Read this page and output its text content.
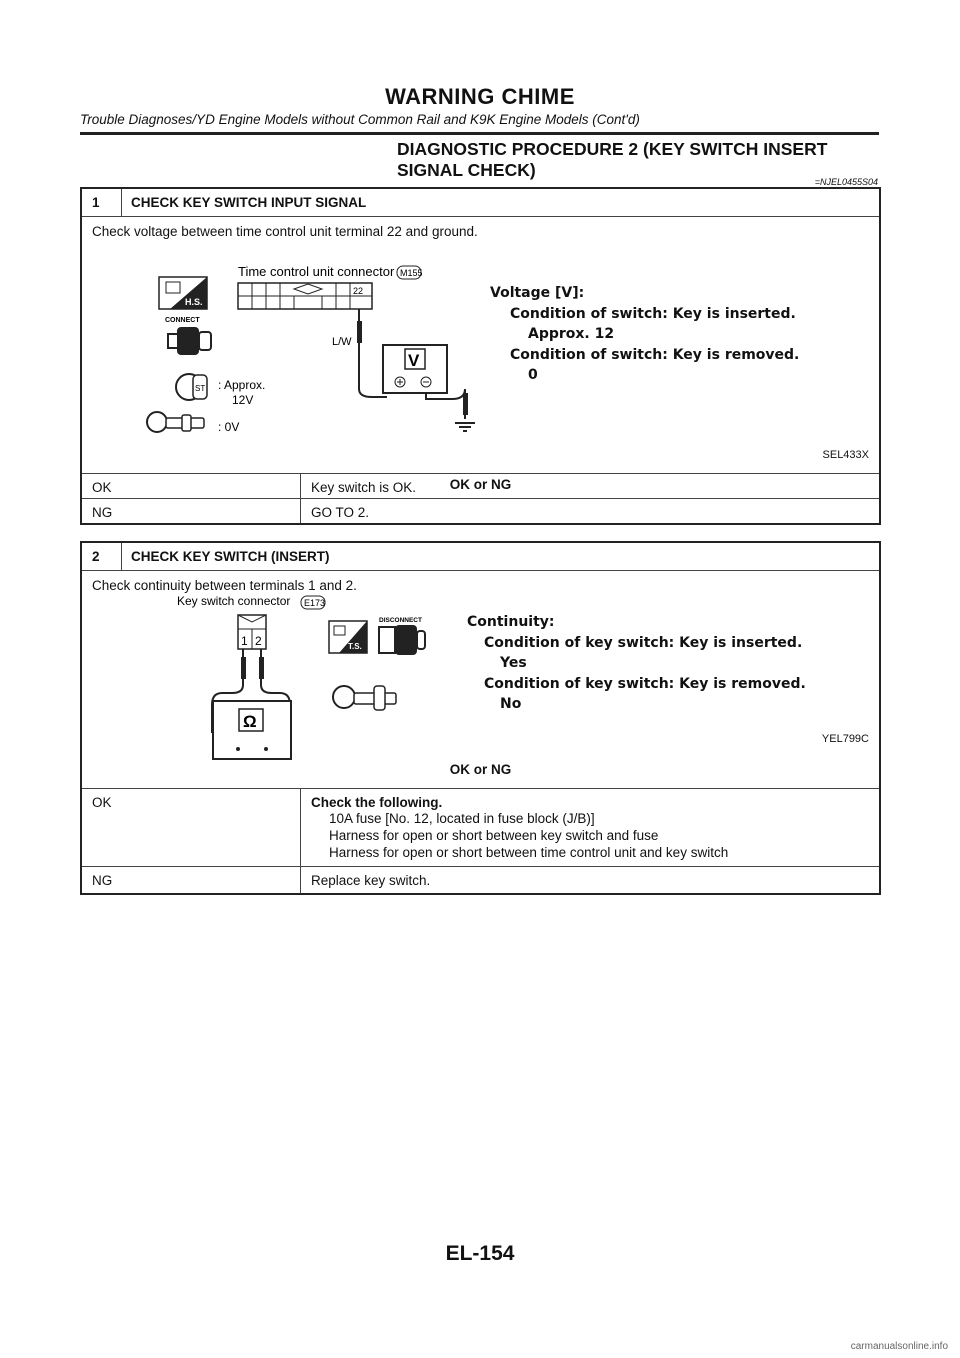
WARNING CHIME
Trouble Diagnoses/YD Engine Models without Common Rail and K9K Engine Models (Cont'd)
DIAGNOSTIC PROCEDURE 2 (KEY SWITCH INSERT
SIGNAL CHECK)
=NJEL0455S04
1	CHECK KEY SWITCH INPUT SIGNAL
Check voltage between time control unit terminal 22 and ground.
H.S.
CONNECT
ST : Approx.
12V
: 0V
Time control unit connector M155
22
L/W
V
Voltage [V]:
Condition of switch: Key is inserted.
Approx. 12
Condition of switch: Key is removed.
0
SEL433X
OK or NG
OK	Key switch is OK.
NG	GO TO 2.
2	CHECK KEY SWITCH (INSERT)
Check continuity between terminals 1 and 2.
Key switch connector E173
1 2
Ω
T.S.
DISCONNECT	Continuity:
Condition of key switch: Key is inserted.
Yes
Condition of key switch: Key is removed.
No
YEL799C
OK or NG
OK	Check the following.
10A fuse [No. 12, located in fuse block (J/B)]
Harness for open or short between key switch and fuse
Harness for open or short between time control unit and key switch
NG	Replace key switch.
EL-154
carmanualsonline.info
